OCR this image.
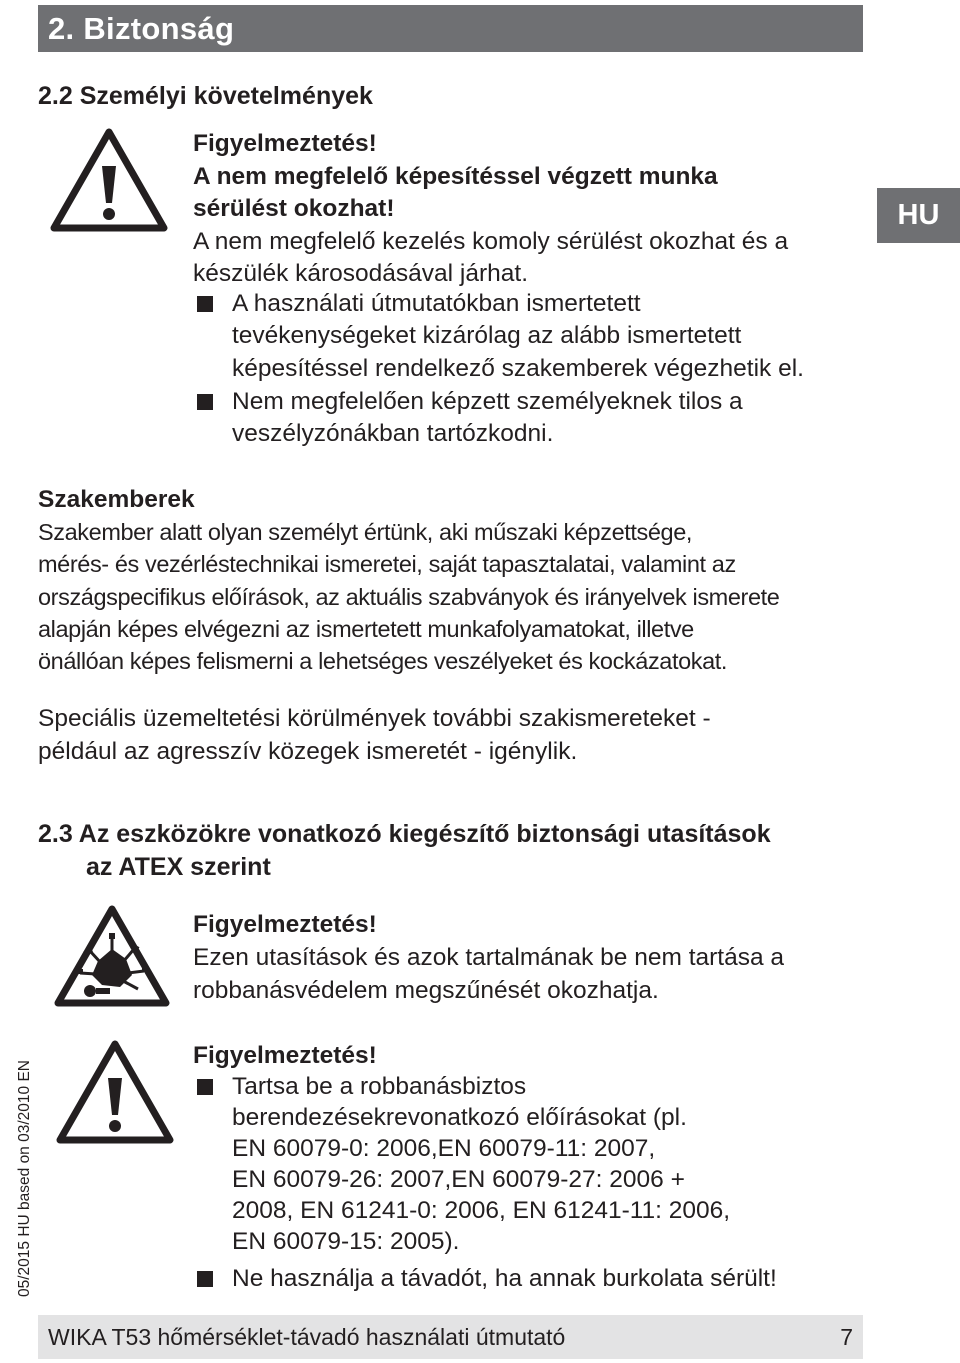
2. Biztonság
HU
2.2 Személyi követelmények

Figyelmeztetés!

A nem megfelelő képesítéssel végzett munka

sérülést okozhat!

A nem megfelelő kezelés komoly sérülést okozhat és a

készülék károsodásával járhat.

A használati útmutatókban ismertetett

tevékenységeket kizárólag az alább ismertetett

képesítéssel rendelkező szakemberek végezhetik el.

Nem megfelelően képzett személyeknek tilos a

veszélyzónákban tartózkodni.

Szakemberek

Szakember alatt olyan személyt értünk, aki műszaki képzettsége,

mérés- és vezérléstechnikai ismeretei, saját tapasztalatai, valamint az

országspecifikus előírások, az aktuális szabványok és irányelvek ismerete

alapján képes elvégezni az ismertetett munkafolyamatokat, illetve

önállóan képes felismerni a lehetséges veszélyeket és kockázatokat.

Speciális üzemeltetési körülmények további szakismereteket -

például az agresszív közegek ismeretét - igénylik.

2.3 Az eszközökre vonatkozó kiegészítő biztonsági utasítások
az ATEX szerint

Figyelmeztetés!

Ezen utasítások és azok tartalmának be nem tartása a

robbanásvédelem megszűnését okozhatja.

Figyelmeztetés!

Tartsa be a robbanásbiztos

berendezésekrevonatkozó előírásokat (pl.

EN 60079-0: 2006,EN 60079-11: 2007,

EN 60079-26: 2007,EN 60079-27: 2006 +

2008, EN 61241-0: 2006, EN 61241-11: 2006,

EN 60079-15: 2005).

Ne használja a távadót, ha annak burkolata sérült!

05/2015 HU based on 03/2010 EN
WIKA T53 hőmérséklet-távadó használati útmutató	7
